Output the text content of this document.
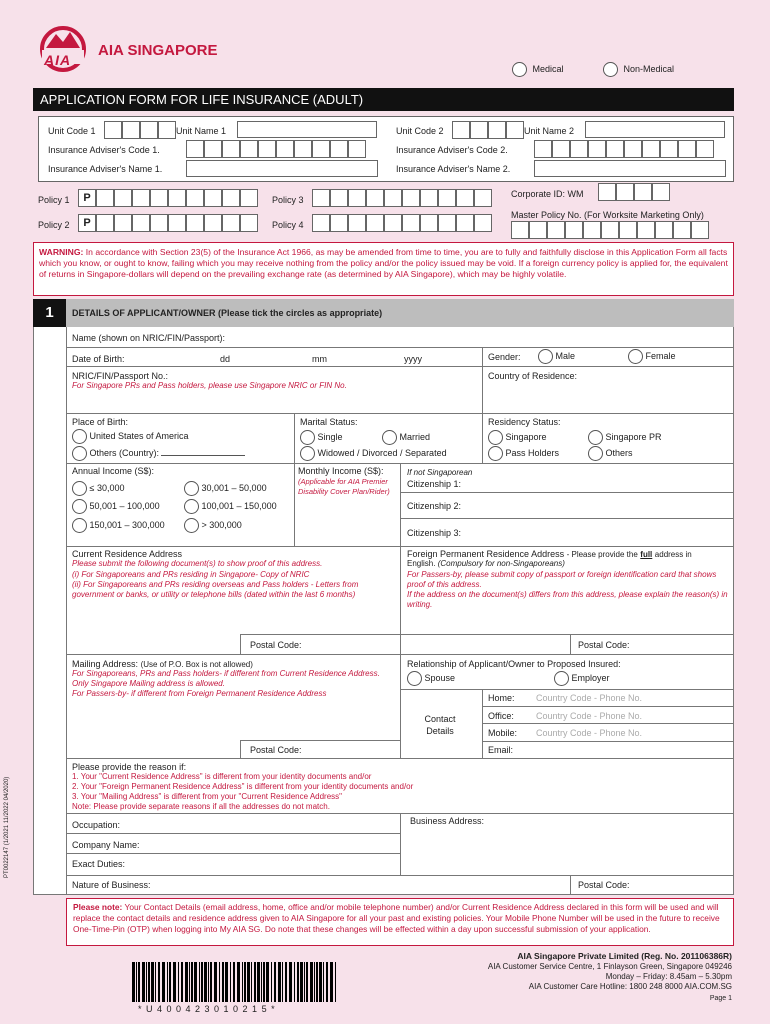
AIA
AIA SINGAPORE
Medical	Non-Medical
APPLICATION FORM FOR LIFE INSURANCE (ADULT)
Unit Code 1	Unit Name 1	Unit Code 2	Unit Name 2
Insurance Adviser's Code 1.	Insurance Adviser's Code 2.
Insurance Adviser's Name 1.	Insurance Adviser's Name 2.
Policy 1	P	Policy 3
Policy 2	P	Policy 4
Corporate ID: WM
Master Policy No. (For Worksite Marketing Only)
WARNING: In accordance with Section 23(5) of the Insurance Act 1966, as may be amended from time to time, you are to fully and faithfully disclose in this Application Form all facts which you know, or ought to know, failing which you may receive nothing from the policy and/or the policy issued may be void. If a foreign currency policy is applied for, the equivalent of returns in Singapore-dollars will depend on the prevailing exchange rate (as determined by AIA Singapore), which may be highly volatile.
1	DETAILS OF APPLICANT/OWNER (Please tick the circles as appropriate)
Name (shown on NRIC/FIN/Passport):
Date of Birth:	dd	mm	yyyy	Gender:	Male	Female
NRIC/FIN/Passport No.:
For Singapore PRs and Pass holders, please use Singapore NRIC or FIN No.
Country of Residence:
Place of Birth:
United States of America
Others (Country):
Marital Status:
Single	Married
Widowed / Divorced / Separated
Residency Status:
Singapore	Singapore PR
Pass Holders	Others
Annual Income (S$):
≤ 30,000	30,001 – 50,000
50,001 – 100,000	100,001 – 150,000
150,001 – 300,000	> 300,000
Monthly Income (S$):
(Applicable for AIA Premier Disability Cover Plan/Rider)
If not Singaporean
Citizenship 1:
Citizenship 2:
Citizenship 3:
Current Residence Address
Please submit the following document(s) to show proof of this address.
(i) For Singaporeans and PRs residing in Singapore- Copy of NRIC
(ii) For Singaporeans and PRs residing overseas and Pass holders - Letters from government or banks, or utility or telephone bills (dated within the last 6 months)
Foreign Permanent Residence Address - Please provide the full address in
English. (Compulsory for non-Singaporeans)
For Passers-by, please submit copy of passport or foreign identification card that shows proof of this address.
If the address on the document(s) differs from this address, please explain the reason(s) in writing.
Postal Code:	Postal Code:
Mailing Address: (Use of P.O. Box is not allowed)
For Singaporeans, PRs and Pass holders- if different from Current Residence Address. Only Singapore Mailing address is allowed.
For Passers-by- if different from Foreign Permanent Residence Address
Relationship of Applicant/Owner to Proposed Insured:
Spouse	Employer
Contact
Details
Home: Country Code - Phone No.
Office: Country Code - Phone No.
Mobile: Country Code - Phone No.
Email:
Postal Code:
Please provide the reason if:
1. Your "Current Residence Address" is different from your identity documents and/or
2. Your "Foreign Permanent Residence Address" is different from your identity documents and/or
3. Your "Mailing Address" is different from your "Current Residence Address"
Note: Please provide separate reasons if all the addresses do not match.
Occupation:	Business Address:
Company Name:
Exact Duties:
Nature of Business:	Postal Code:
Please note: Your Contact Details (email address, home, office and/or mobile telephone number) and/or Current Residence Address declared in this form will be used and will replace the contact details and residence address given to AIA Singapore for all your past and existing policies. Your Mobile Phone Number will be used in the future to receive One-Time-Pin (OTP) when logging into My AIA SG. Do note that these changes will be effected within a day upon successful submission of your application.
AIA Singapore Private Limited (Reg. No. 201106386R)
AIA Customer Service Centre, 1 Finlayson Green, Singapore 049246
Monday – Friday: 8.45am – 5.30pm
AIA Customer Care Hotline: 1800 248 8000 AIA.COM.SG
Page 1
* U 4 0 0 4 2 3 0 1 0 2 1 5 *
PT0022147 (1/2021 11/2022 04/2020)
